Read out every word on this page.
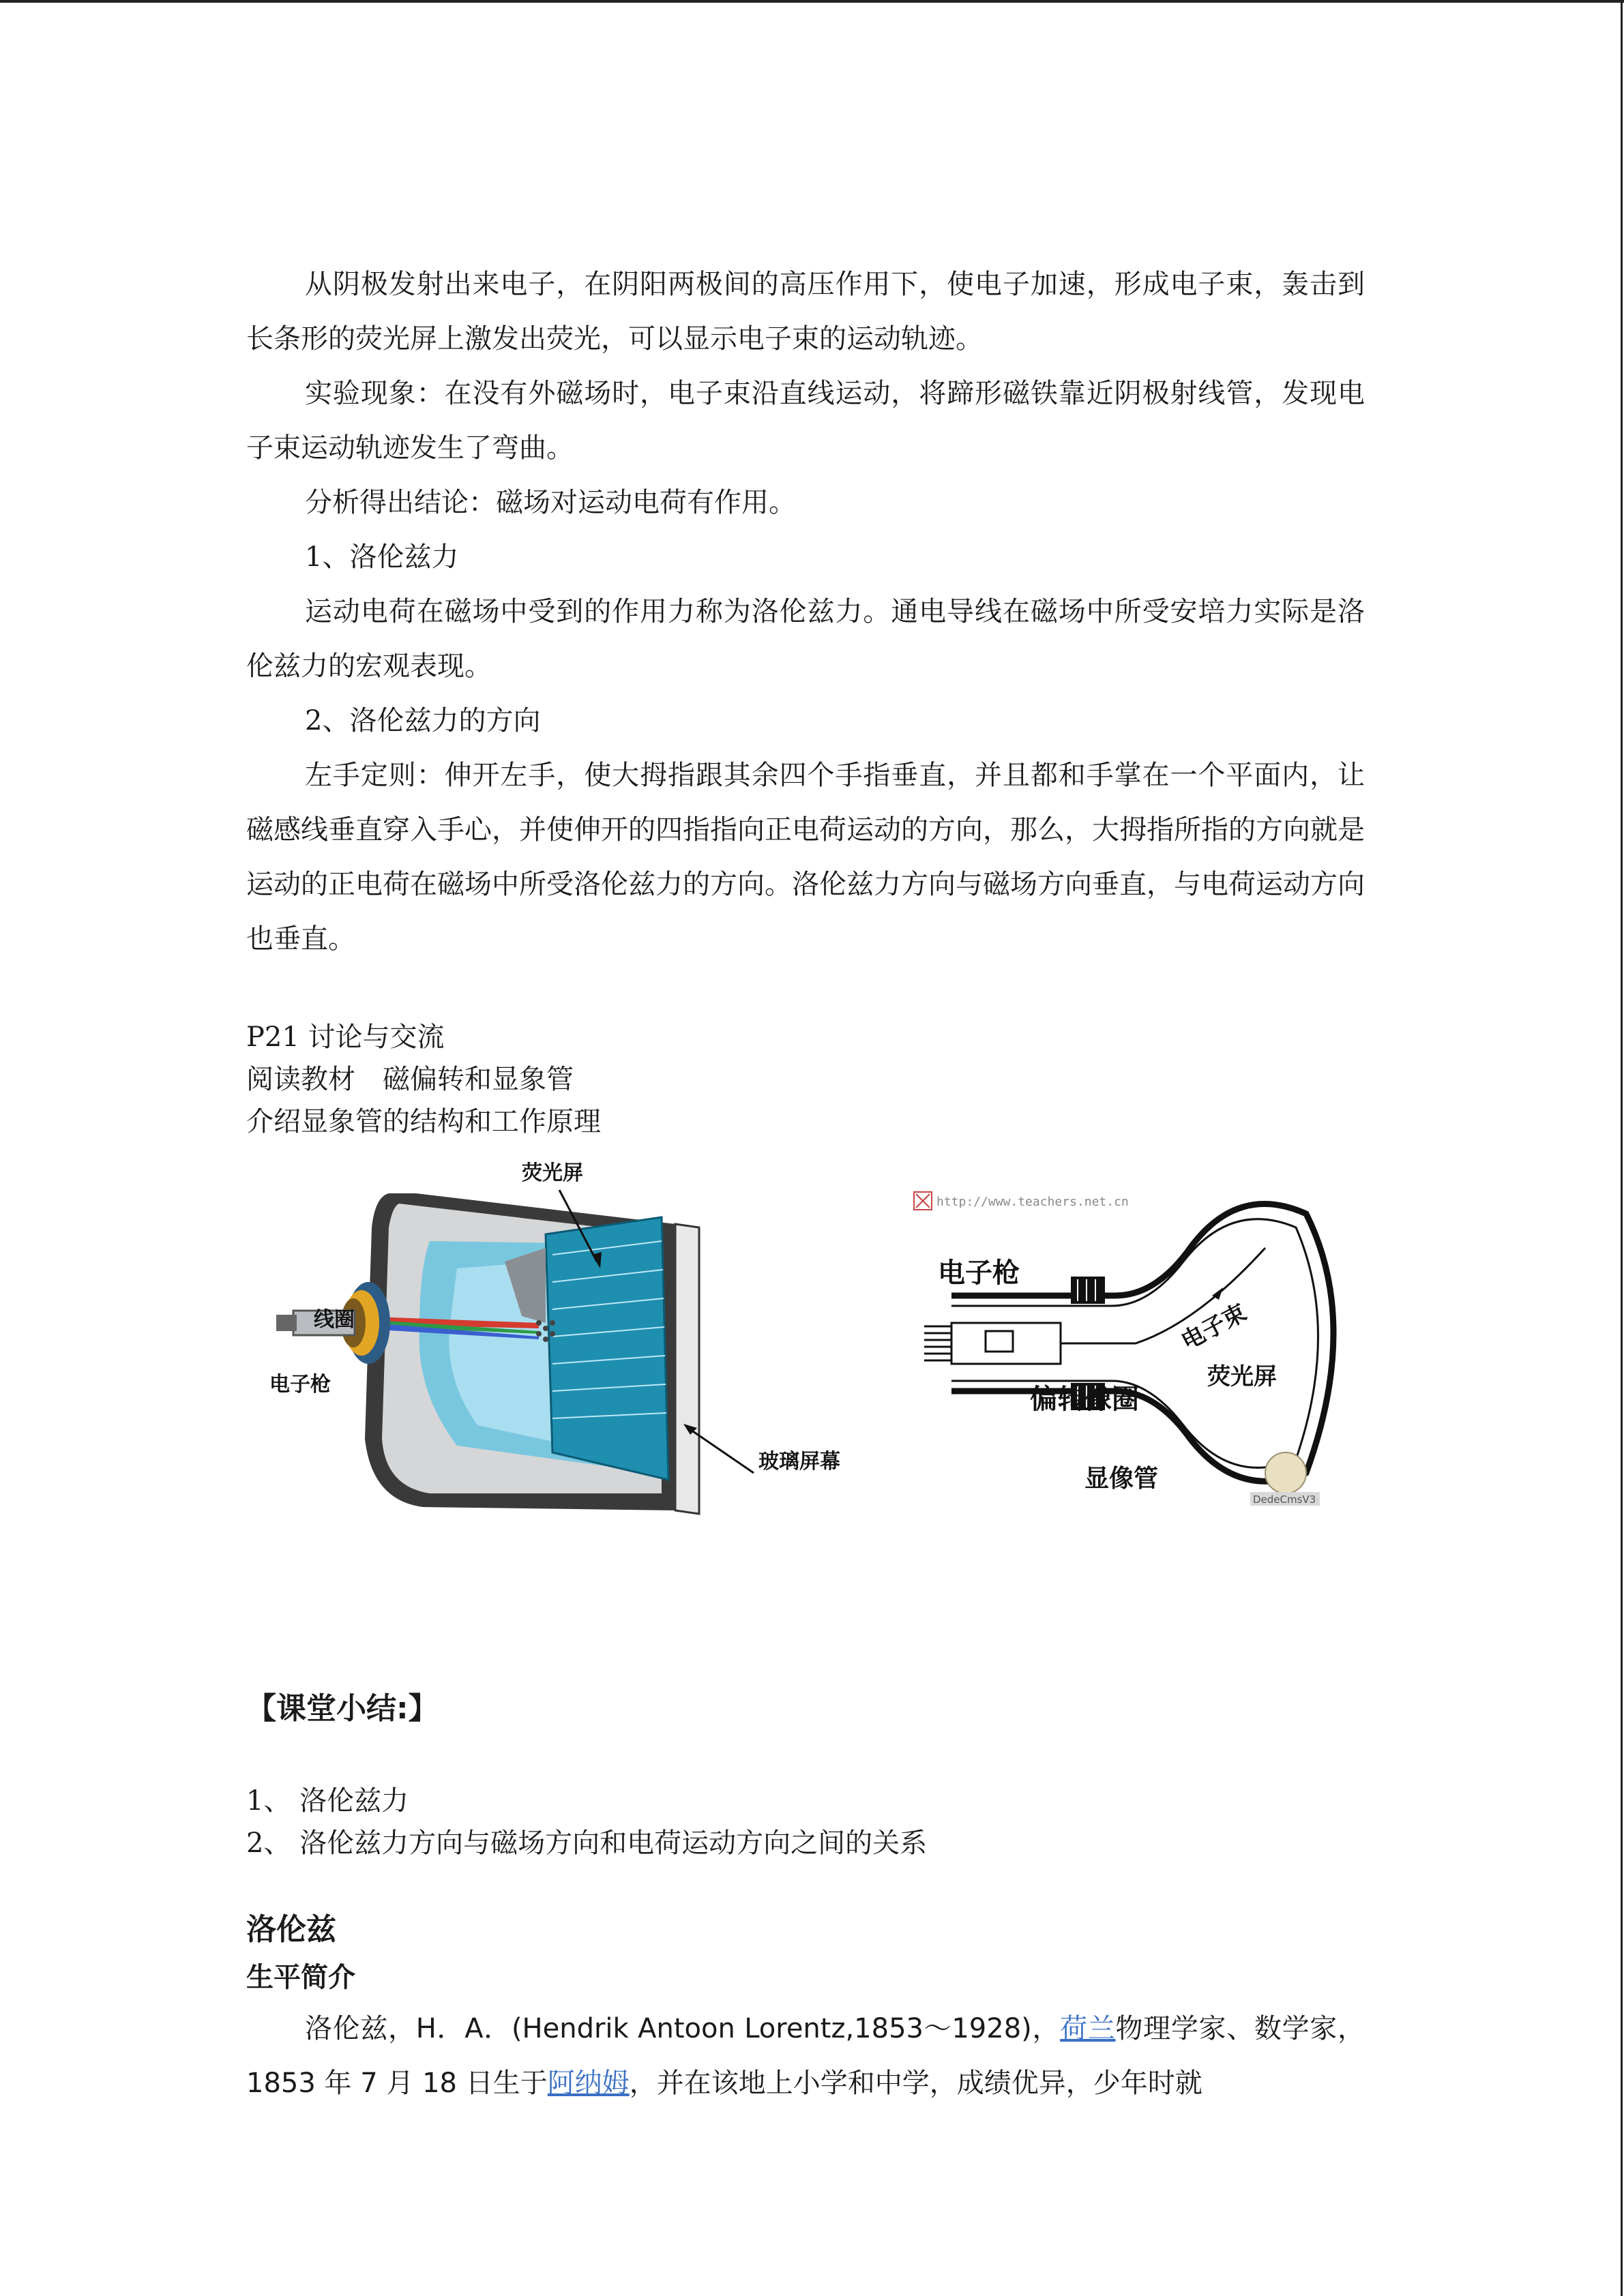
从阴极发射出来电子，在阴阳两极间的高压作用下，使电子加速，形成电子束，轰击到长条形的荧光屏上激发出荧光，可以显示电子束的运动轨迹。

实验现象：在没有外磁场时，电子束沿直线运动，将蹄形磁铁靠近阴极射线管，发现电子束运动轨迹发生了弯曲。

分析得出结论：磁场对运动电荷有作用。

1、洛伦兹力

运动电荷在磁场中受到的作用力称为洛伦兹力。通电导线在磁场中所受安培力实际是洛伦兹力的宏观表现。

2、洛伦兹力的方向

左手定则：伸开左手，使大拇指跟其余四个手指垂直，并且都和手掌在一个平面内，让磁感线垂直穿入手心，并使伸开的四指指向正电荷运动的方向，那么，大拇指所指的方向就是运动的正电荷在磁场中所受洛伦兹力的方向。洛伦兹力方向与磁场方向垂直，与电荷运动方向也垂直。

P21 讨论与交流

阅读教材　磁偏转和显象管

介绍显象管的结构和工作原理

荧光屏
线圈
电子枪
玻璃屏幕
http://www.teachers.net.cn
电子枪
电子束
荧光屏
偏转像圈
显像管
DedeCmsV3

【课堂小结:】

1、 洛伦兹力

2、 洛伦兹力方向与磁场方向和电荷运动方向之间的关系

洛伦兹

生平简介

洛伦兹，H．A．(Hendrik Antoon Lorentz,1853～1928)，荷兰物理学家、数学家，1853 年 7 月 18 日生于阿纳姆，并在该地上小学和中学，成绩优异，少年时就
